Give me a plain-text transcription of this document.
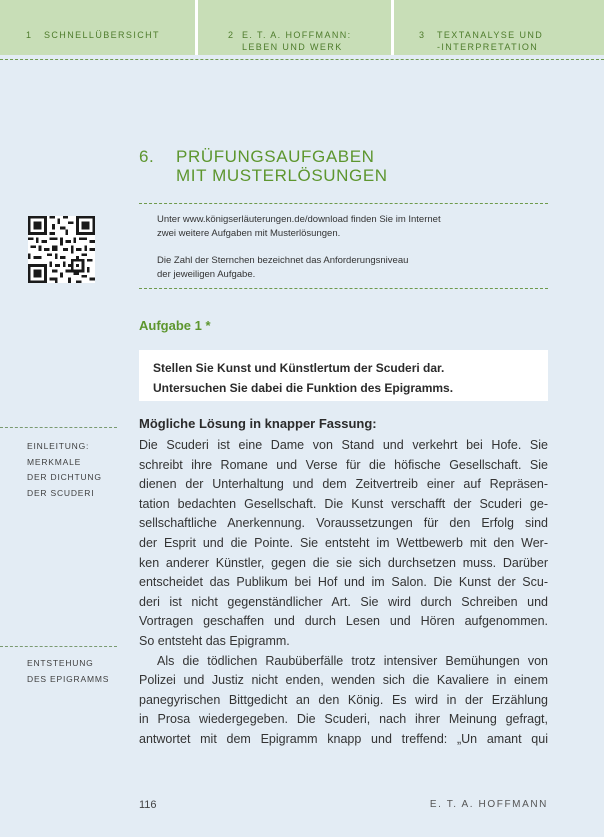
1 SCHNELLÜBERSICHT	2 E. T. A. HOFFMANN:
LEBEN UND WERK
3 TEXTANALYSE UND
-INTERPRETATION
6. PRÜFUNGSAUFGABEN
MIT MUSTERLÖSUNGEN
Unter www.königserläuterungen.de/download finden Sie im Internet
zwei weitere Aufgaben mit Musterlösungen.
Die Zahl der Sternchen bezeichnet das Anforderungsniveau
der jeweiligen Aufgabe.
Aufgabe 1 *
Stellen Sie Kunst und Künstlertum der Scuderi dar.
Untersuchen Sie dabei die Funktion des Epigramms.
EINLEITUNG:
MERKMALE
DER DICHTUNG
DER SCUDERI
ENTSTEHUNG
DES EPIGRAMMS
Mögliche Lösung in knapper Fassung:
Die Scuderi ist eine Dame von Stand und verkehrt bei Hofe. Sie
schreibt ihre Romane und Verse für die höfische Gesellschaft. Sie
dienen der Unterhaltung und dem Zeitvertreib einer auf Repräsen-
tation bedachten Gesellschaft. Die Kunst verschafft der Scuderi ge-
sellschaftliche Anerkennung. Voraussetzungen für den Erfolg sind
der Esprit und die Pointe. Sie entsteht im Wettbewerb mit den Wer-
ken anderer Künstler, gegen die sie sich durchsetzen muss. Darüber
entscheidet das Publikum bei Hof und im Salon. Die Kunst der Scu-
deri ist nicht gegenständlicher Art. Sie wird durch Schreiben und
Vortragen geschaffen und durch Lesen und Hören aufgenommen.
So entsteht das Epigramm.
Als die tödlichen Raubüberfälle trotz intensiver Bemühungen von
Polizei und Justiz nicht enden, wenden sich die Kavaliere in einem
panegyrischen Bittgedicht an den König. Es wird in der Erzählung
in Prosa wiedergegeben. Die Scuderi, nach ihrer Meinung gefragt,
antwortet mit dem Epigramm knapp und treffend: „Un amant qui
116	E. T. A. HOFFMANN
